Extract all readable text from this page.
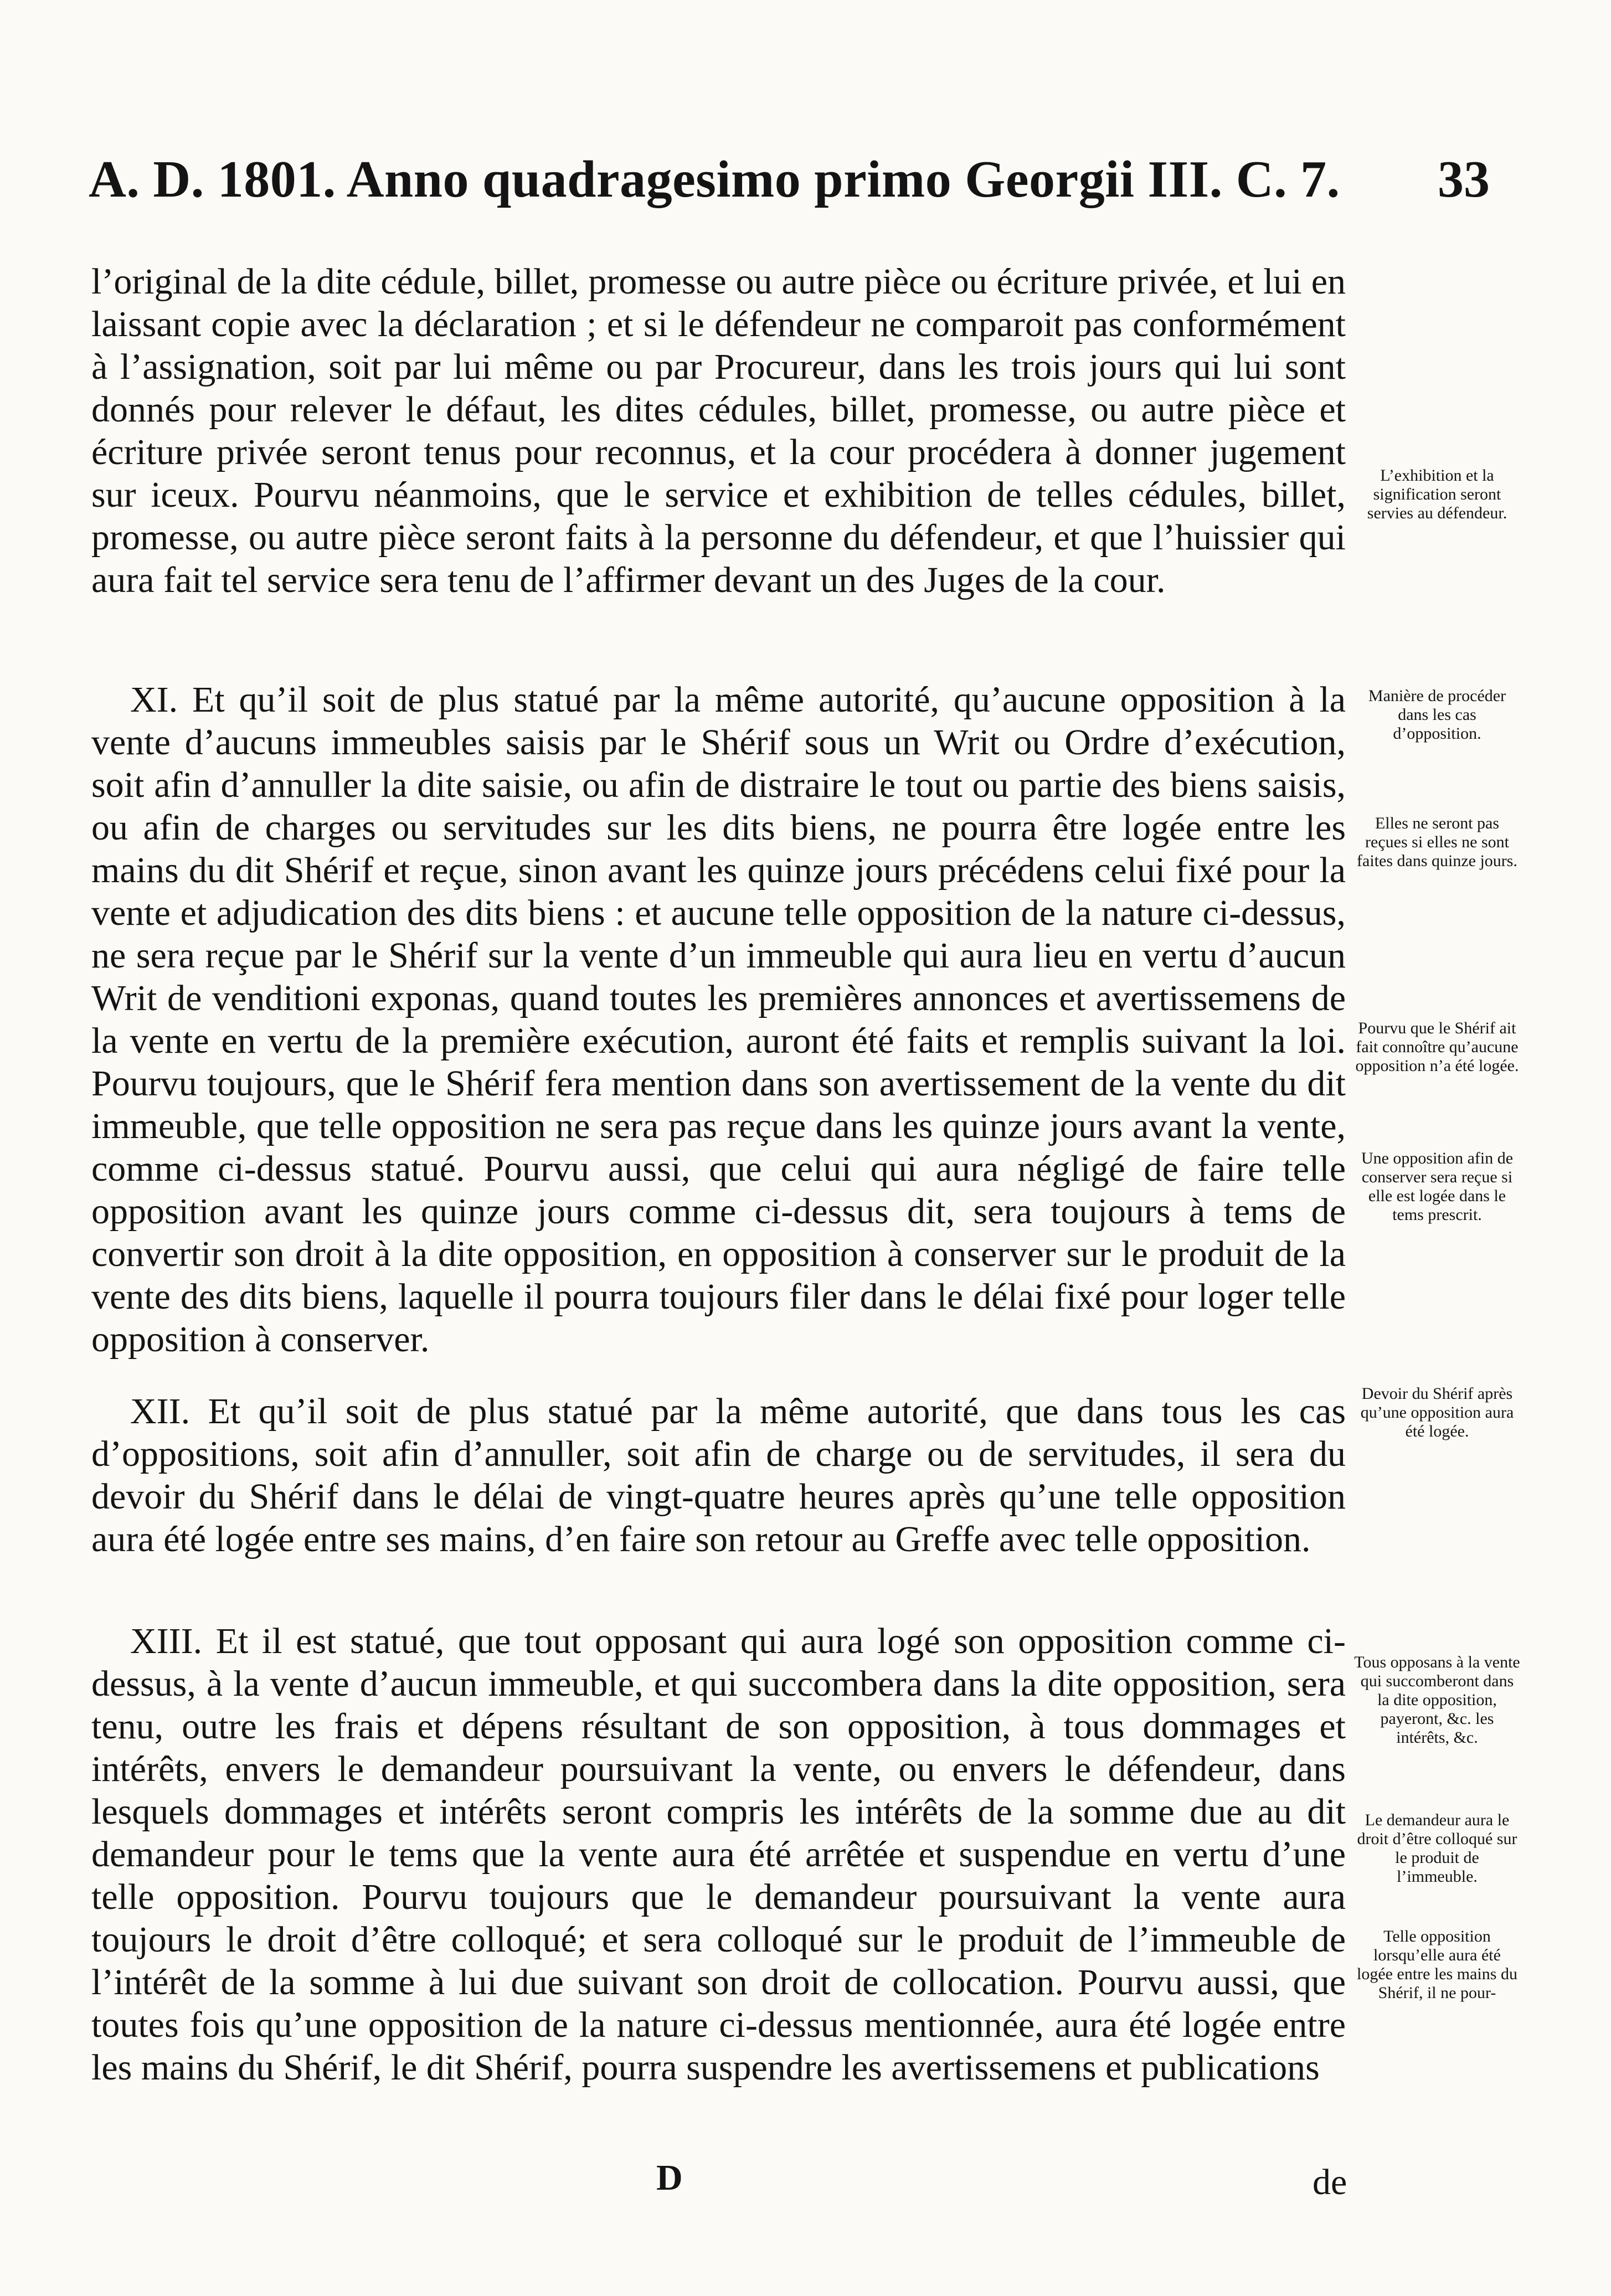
A. D. 1801. Anno quadragesimo primo Georgii III. C. 7. 33

l’original de la dite cédule, billet, promesse ou autre pièce ou écriture privée, et lui en laissant copie avec la déclaration ; et si le défendeur ne comparoit pas conformément à l’assignation, soit par lui même ou par Procureur, dans les trois jours qui lui sont donnés pour relever le défaut, les dites cédules, billet, promesse, ou autre pièce et écriture privée seront tenus pour reconnus, et la cour procédera à donner jugement sur iceux. Pourvu néanmoins, que le service et exhibition de telles cédules, billet, promesse, ou autre pièce seront faits à la personne du défendeur, et que l’huissier qui aura fait tel service sera tenu de l’affirmer devant un des Juges de la cour.

XI. Et qu’il soit de plus statué par la même autorité, qu’aucune opposition à la vente d’aucuns immeubles saisis par le Shérif sous un Writ ou Ordre d’exécution, soit afin d’annuller la dite saisie, ou afin de distraire le tout ou partie des biens saisis, ou afin de charges ou servitudes sur les dits biens, ne pourra être logée entre les mains du dit Shérif et reçue, sinon avant les quinze jours précédens celui fixé pour la vente et adjudication des dits biens : et aucune telle opposition de la nature ci-dessus, ne sera reçue par le Shérif sur la vente d’un immeuble qui aura lieu en vertu d’aucun Writ de venditioni exponas, quand toutes les premières annonces et avertissemens de la vente en vertu de la première exécution, auront été faits et remplis suivant la loi. Pourvu toujours, que le Shérif fera mention dans son avertissement de la vente du dit immeuble, que telle opposition ne sera pas reçue dans les quinze jours avant la vente, comme ci-dessus statué. Pourvu aussi, que celui qui aura négligé de faire telle opposition avant les quinze jours comme ci-dessus dit, sera toujours à tems de convertir son droit à la dite opposition, en opposition à conserver sur le produit de la vente des dits biens, laquelle il pourra toujours filer dans le délai fixé pour loger telle opposition à conserver.

XII. Et qu’il soit de plus statué par la même autorité, que dans tous les cas d’oppositions, soit afin d’annuller, soit afin de charge ou de servitudes, il sera du devoir du Shérif dans le délai de vingt-quatre heures après qu’une telle opposition aura été logée entre ses mains, d’en faire son retour au Greffe avec telle opposition.

XIII. Et il est statué, que tout opposant qui aura logé son opposition comme ci-dessus, à la vente d’aucun immeuble, et qui succombera dans la dite opposition, sera tenu, outre les frais et dépens résultant de son opposition, à tous dommages et intérêts, envers le demandeur poursuivant la vente, ou envers le défendeur, dans lesquels dommages et intérêts seront compris les intérêts de la somme due au dit demandeur pour le tems que la vente aura été arrêtée et suspendue en vertu d’une telle opposition. Pourvu toujours que le demandeur poursuivant la vente aura toujours le droit d’être colloqué; et sera colloqué sur le produit de l’immeuble de l’intérêt de la somme à lui due suivant son droit de collocation. Pourvu aussi, que toutes fois qu’une opposition de la nature ci-dessus mentionnée, aura été logée entre les mains du Shérif, le dit Shérif, pourra suspendre les avertissemens et publications

L’exhibition et la signification seront servies au défendeur.
Manière de procéder dans les cas d’opposition.
Elles ne seront pas reçues si elles ne sont faites dans quinze jours.
Pourvu que le Shérif ait fait connoître qu’aucune opposition n’a été logée.
Une opposition afin de conserver sera reçue si elle est logée dans le tems prescrit.
Devoir du Shérif après qu’une opposition aura été logée.
Tous opposans à la vente qui succomberont dans la dite opposition, payeront, &c. les intérêts, &c.
Le demandeur aura le droit d’être colloqué sur le produit de l’immeuble.
Telle opposition lorsqu’elle aura été logée entre les mains du Shérif, il ne pour-
D	de
